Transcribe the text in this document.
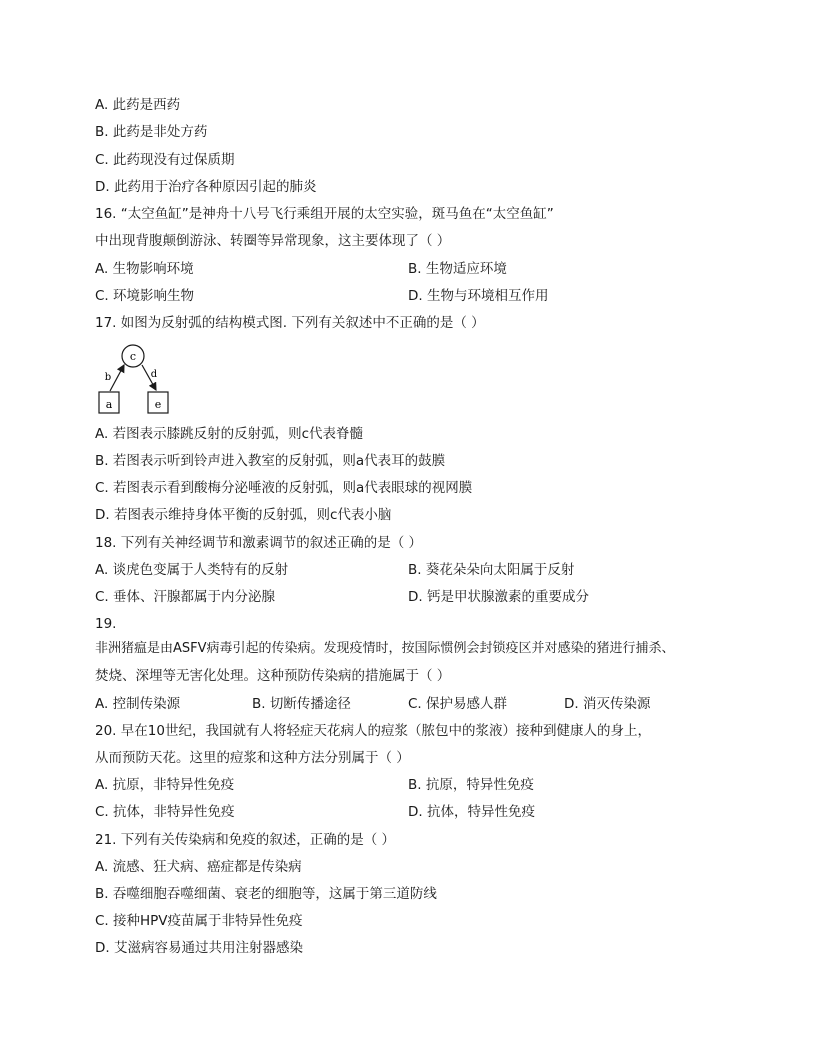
A. 此药是西药
B. 此药是非处方药
C. 此药现没有过保质期
D. 此药用于治疗各种原因引起的肺炎
16. “太空鱼缸”是神舟十八号飞行乘组开展的太空实验，斑马鱼在“太空鱼缸”
中出现背腹颠倒游泳、转圈等异常现象，这主要体现了（ ）
A. 生物影响环境	B. 生物适应环境
C. 环境影响生物	D. 生物与环境相互作用
17. 如图为反射弧的结构模式图. 下列有关叙述中不正确的是（ ）
c
a	e
b	d
A. 若图表示膝跳反射的反射弧，则c代表脊髓
B. 若图表示听到铃声进入教室的反射弧，则a代表耳的鼓膜
C. 若图表示看到酸梅分泌唾液的反射弧，则a代表眼球的视网膜
D. 若图表示维持身体平衡的反射弧，则c代表小脑
18. 下列有关神经调节和激素调节的叙述正确的是（ ）
A. 谈虎色变属于人类特有的反射	B. 葵花朵朵向太阳属于反射
C. 垂体、汗腺都属于内分泌腺	D. 钙是甲状腺激素的重要成分
19.
非洲猪瘟是由ASFV病毒引起的传染病。发现疫情时，按国际惯例会封锁疫区并对感染的猪进行捕杀、
焚烧、深埋等无害化处理。这种预防传染病的措施属于（ ）
A. 控制传染源	B. 切断传播途径	C. 保护易感人群	D. 消灭传染源
20. 早在10世纪，我国就有人将轻症天花病人的痘浆（脓包中的浆液）接种到健康人的身上，
从而预防天花。这里的痘浆和这种方法分别属于（ ）
A. 抗原，非特异性免疫	B. 抗原，特异性免疫
C. 抗体，非特异性免疫	D. 抗体，特异性免疫
21. 下列有关传染病和免疫的叙述，正确的是（ ）
A. 流感、狂犬病、癌症都是传染病
B. 吞噬细胞吞噬细菌、衰老的细胞等，这属于第三道防线
C. 接种HPV疫苗属于非特异性免疫
D. 艾滋病容易通过共用注射器感染
